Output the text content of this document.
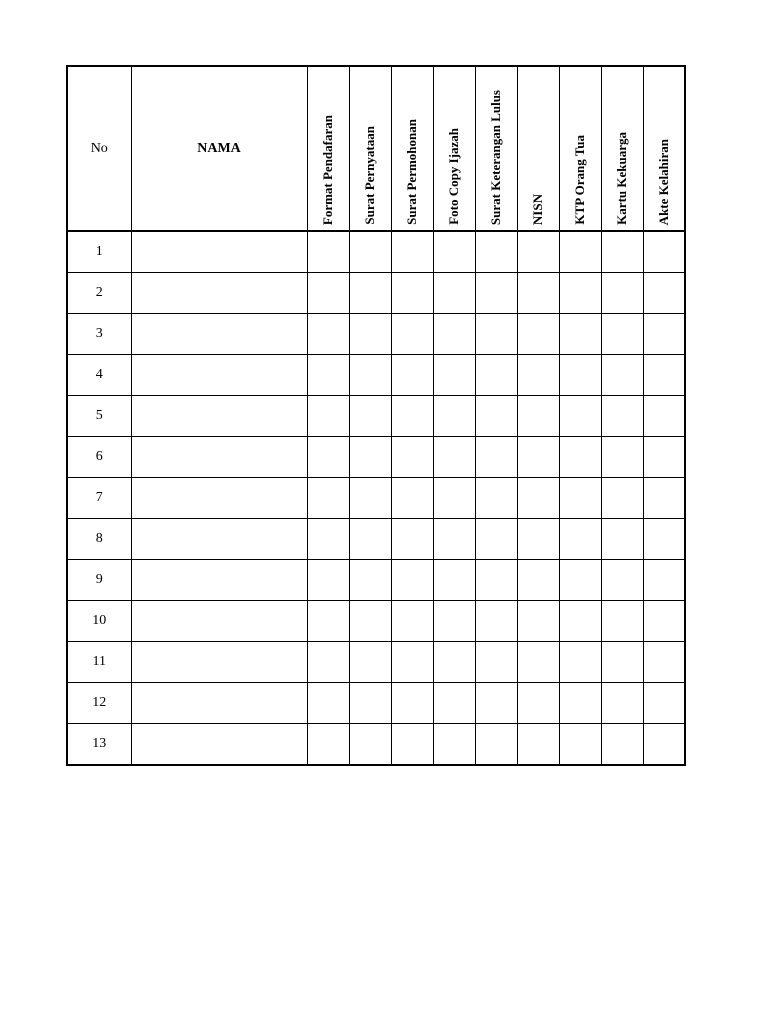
No	NAMA	Format Pendafaran	Surat Pernyataan	Surat Permohonan	Foto Copy Ijazah	Surat Keterangan Lulus	NISN	KTP Orang Tua	Kartu Kekuarga	Akte Kelahiran
1										
2										
3										
4										
5										
6										
7										
8										
9										
10										
11										
12										
13										
